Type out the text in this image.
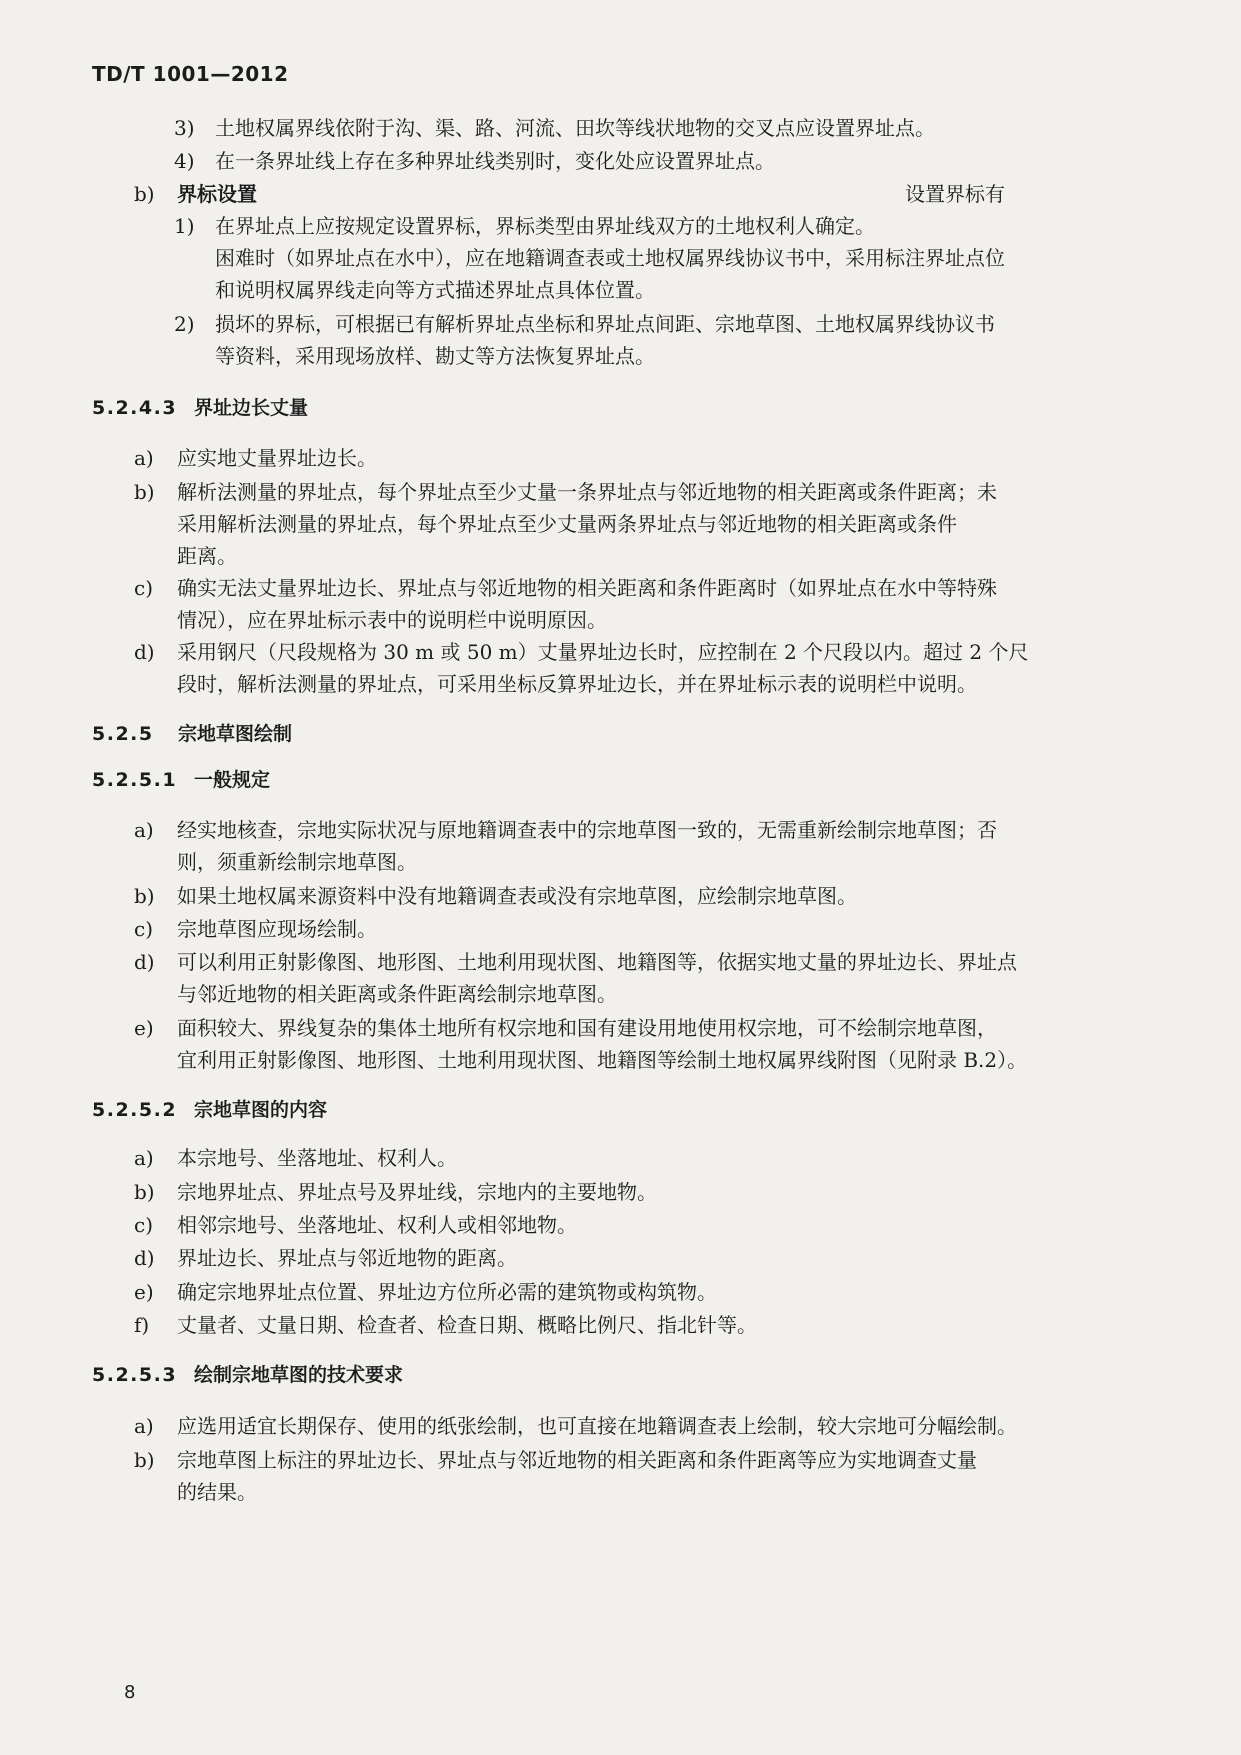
TD/T 1001—2012
3) 土地权属界线依附于沟、渠、路、河流、田坎等线状地物的交叉点应设置界址点。
4) 在一条界址线上存在多种界址线类别时，变化处应设置界址点。
b) 界标设置
1) 在界址点上应按规定设置界标，界标类型由界址线双方的土地权利人确定。
设置界标有
困难时（如界址点在水中），应在地籍调查表或土地权属界线协议书中，采用标注界址点位
和说明权属界线走向等方式描述界址点具体位置。
2) 损坏的界标，可根据已有解析界址点坐标和界址点间距、宗地草图、土地权属界线协议书
等资料，采用现场放样、勘丈等方法恢复界址点。
5.2.4.3 界址边长丈量
a) 应实地丈量界址边长。
b) 解析法测量的界址点，每个界址点至少丈量一条界址点与邻近地物的相关距离或条件距离；未
采用解析法测量的界址点，每个界址点至少丈量两条界址点与邻近地物的相关距离或条件
距离。
c) 确实无法丈量界址边长、界址点与邻近地物的相关距离和条件距离时（如界址点在水中等特殊
情况），应在界址标示表中的说明栏中说明原因。
d) 采用钢尺（尺段规格为 30 m 或 50 m）丈量界址边长时，应控制在 2 个尺段以内。超过 2 个尺
段时，解析法测量的界址点，可采用坐标反算界址边长，并在界址标示表的说明栏中说明。
5.2.5 宗地草图绘制
5.2.5.1 一般规定
a) 经实地核查，宗地实际状况与原地籍调查表中的宗地草图一致的，无需重新绘制宗地草图；否
则，须重新绘制宗地草图。
b) 如果土地权属来源资料中没有地籍调查表或没有宗地草图，应绘制宗地草图。
c) 宗地草图应现场绘制。
d) 可以利用正射影像图、地形图、土地利用现状图、地籍图等，依据实地丈量的界址边长、界址点
与邻近地物的相关距离或条件距离绘制宗地草图。
e) 面积较大、界线复杂的集体土地所有权宗地和国有建设用地使用权宗地，可不绘制宗地草图，
宜利用正射影像图、地形图、土地利用现状图、地籍图等绘制土地权属界线附图（见附录 B.2）。
5.2.5.2 宗地草图的内容
a) 本宗地号、坐落地址、权利人。
b) 宗地界址点、界址点号及界址线，宗地内的主要地物。
c) 相邻宗地号、坐落地址、权利人或相邻地物。
d) 界址边长、界址点与邻近地物的距离。
e) 确定宗地界址点位置、界址边方位所必需的建筑物或构筑物。
f) 丈量者、丈量日期、检查者、检查日期、概略比例尺、指北针等。
5.2.5.3 绘制宗地草图的技术要求
a) 应选用适宜长期保存、使用的纸张绘制，也可直接在地籍调查表上绘制，较大宗地可分幅绘制。
b) 宗地草图上标注的界址边长、界址点与邻近地物的相关距离和条件距离等应为实地调查丈量
的结果。
8
